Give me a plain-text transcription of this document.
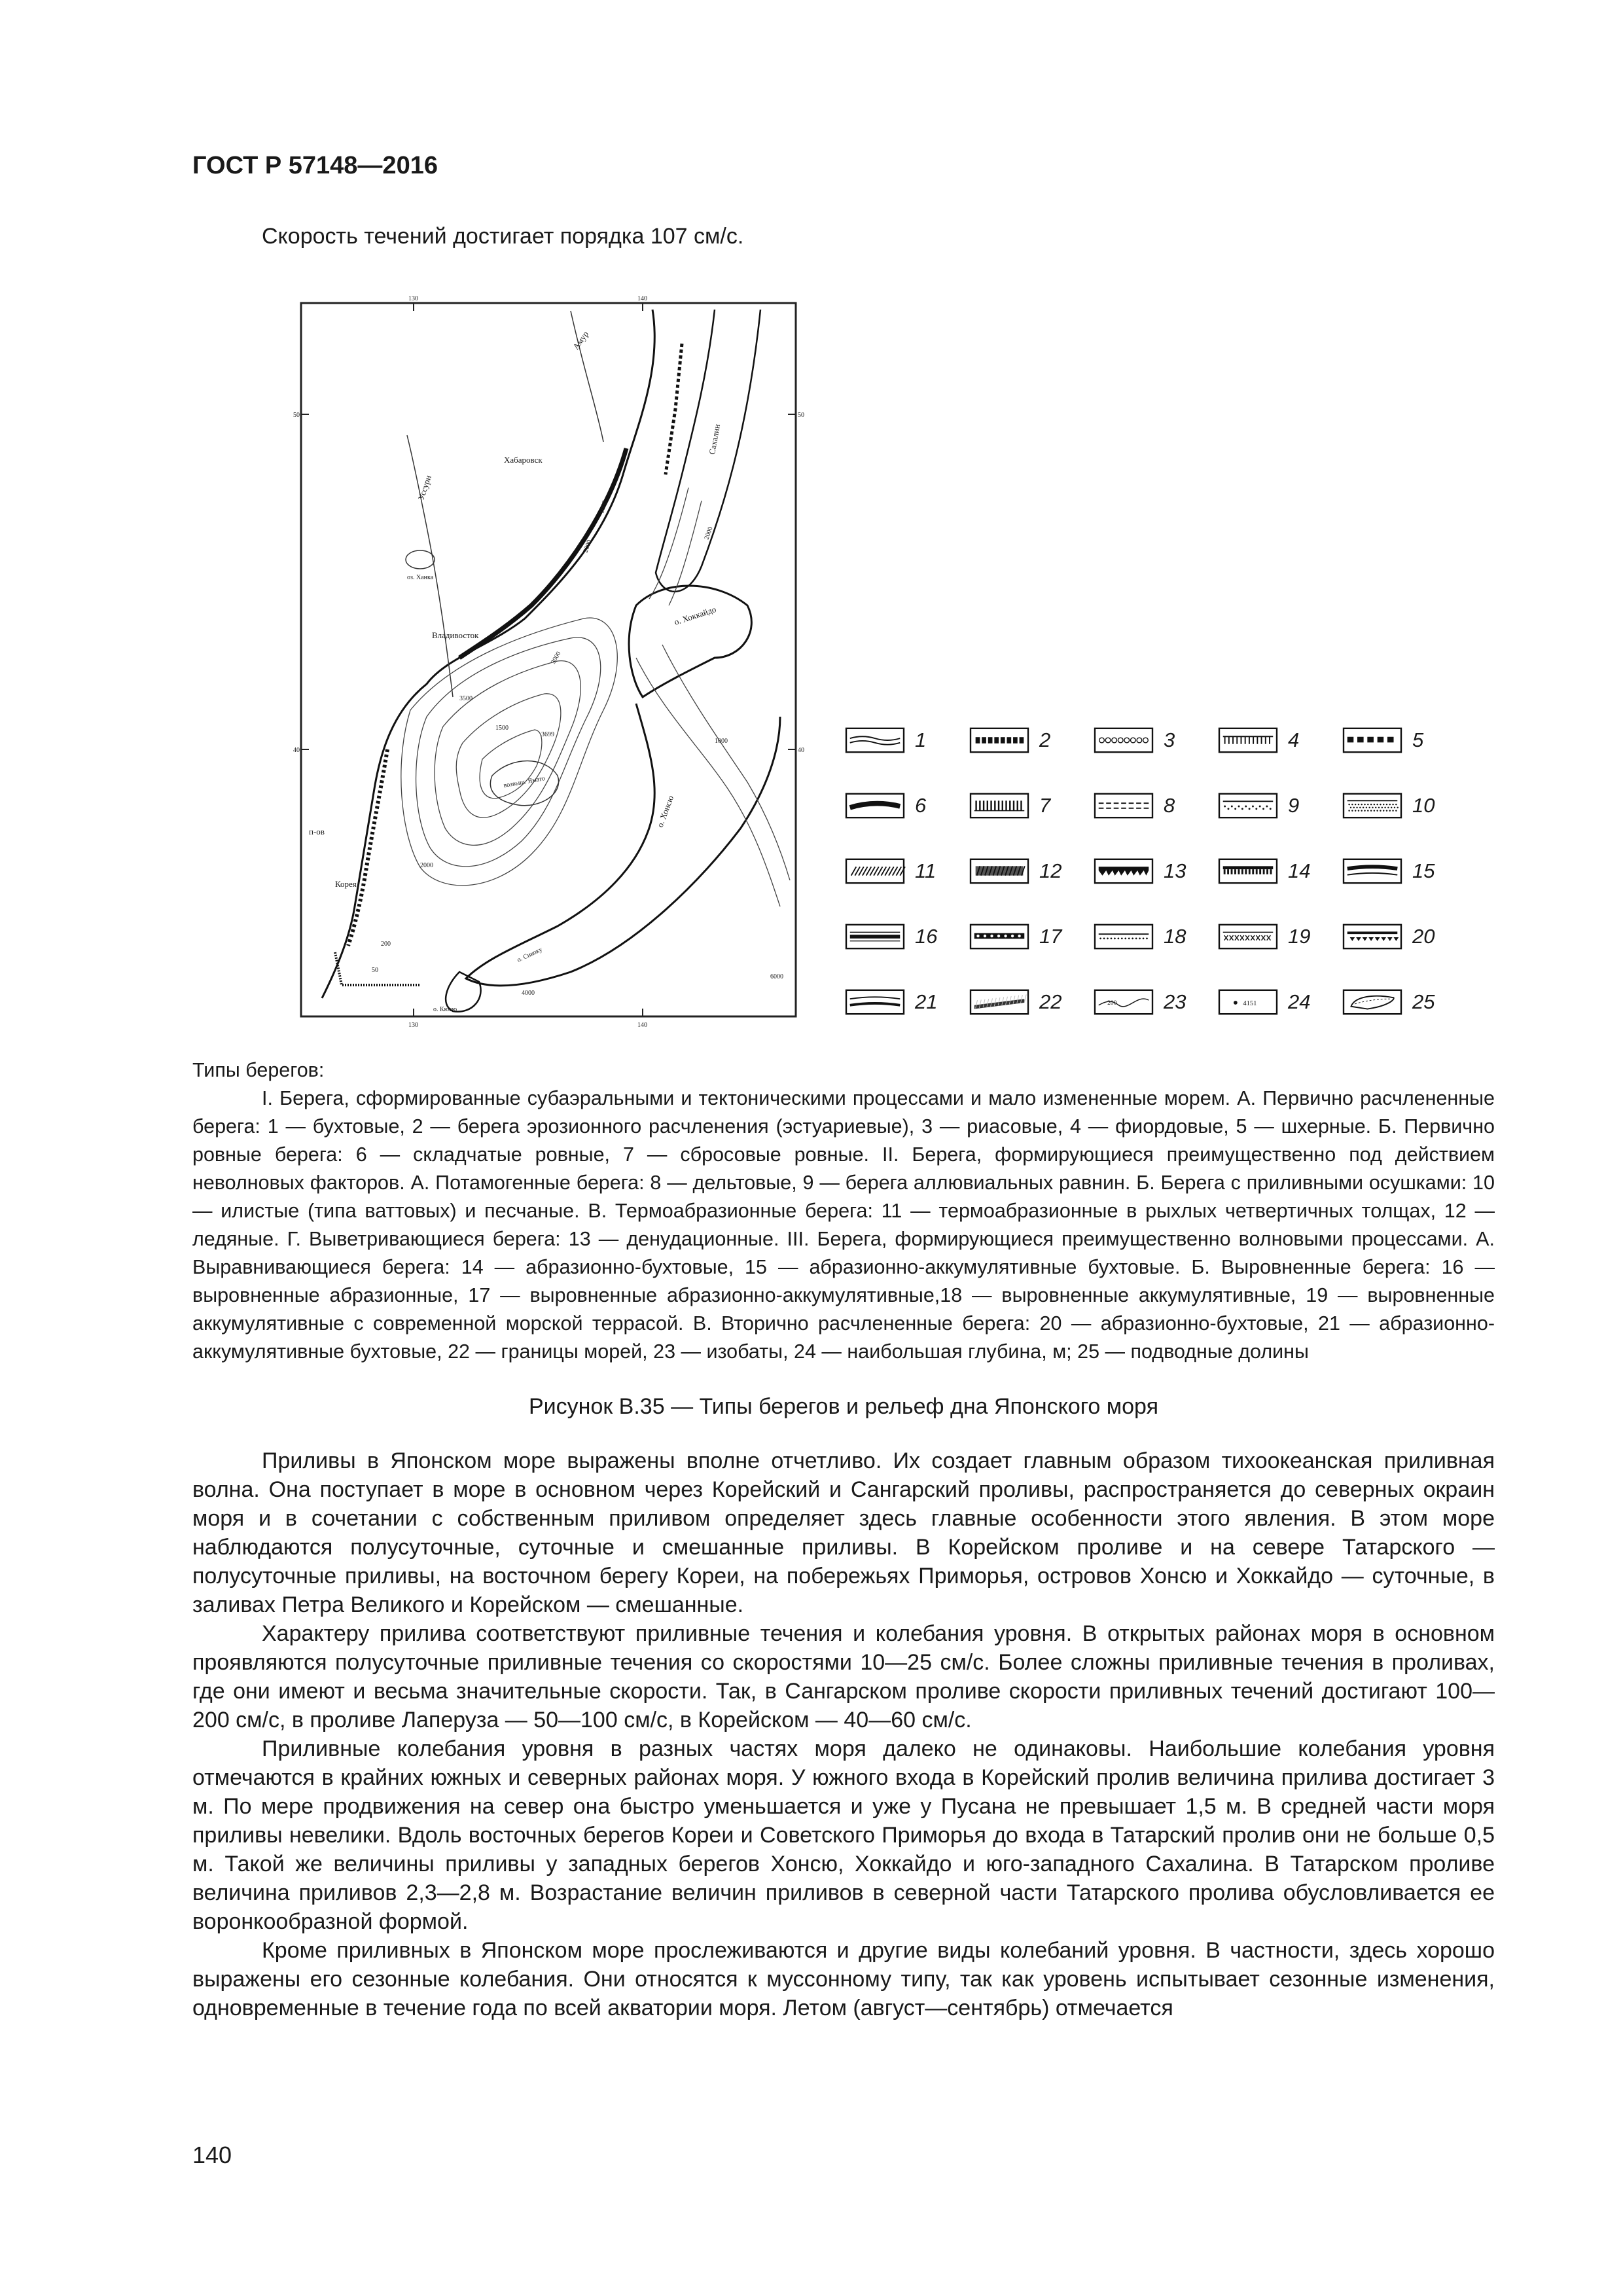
ГОСТ Р 57148—2016
Скорость течений достигает порядка 107 см/с.
130	140
130	140
50	50
40	40
Амур
Хабаровск
Уссури
оз. Ханка
Владивосток
о. Хоккайдо
возвыш. Ямато
о. Хонсю
п-ов
Корея
о. Кюсю
о. Сикоку
Сахалин
1000
2000
3000
3500
3699
1500
2000
2000
200
50
4000
6000
1000	1	2	3	4	5
6	7	8	9	10
11	12	13	14	15
16	17	18	19	20
21	22	200 23	4151 24	25

Типы берегов:

I. Берега, сформированные субаэральными и тектоническими процессами и мало измененные морем. А. Первично расчлененные берега: 1 — бухтовые, 2 — берега эрозионного расчленения (эстуариевые), 3 — риасовые, 4 — фиордовые, 5 — шхерные. Б. Первично ровные берега: 6 — складчатые ровные, 7 — сбросовые ровные. II. Берега, формирующиеся преимущественно под действием неволновых факторов. А. Потамогенные берега: 8 — дельтовые, 9 — берега аллювиальных равнин. Б. Берега с приливными осушками: 10 — илистые (типа ваттовых) и песчаные. В. Термоабразионные берега: 11 — термоабразионные в рыхлых четвертичных толщах, 12 — ледяные. Г. Выветривающиеся берега: 13 — денудационные. III. Берега, формирующиеся преимущественно волновыми процессами. А. Выравнивающиеся берега: 14 — абразионно-бухтовые, 15 — абразионно-аккумулятивные бухтовые. Б. Выровненные берега: 16 — выровненные абразионные, 17 — выровненные абразионно-аккумулятивные,18 — выровненные аккумулятивные, 19 — выровненные аккумулятивные с современной морской террасой. В. Вторично расчлененные берега: 20 — абразионно-бухтовые, 21 — абразионно-аккумулятивные бухтовые, 22 — границы морей, 23 — изобаты, 24 — наибольшая глубина, м; 25 — подводные долины

Рисунок В.35 — Типы берегов и рельеф дна Японского моря

Приливы в Японском море выражены вполне отчетливо. Их создает главным образом тихоокеанская приливная волна. Она поступает в море в основном через Корейский и Сангарский проливы, распространяется до северных окраин моря и в сочетании с собственным приливом определяет здесь главные особенности этого явления. В этом море наблюдаются полусуточные, суточные и смешанные приливы. В Корейском проливе и на севере Татарского — полусуточные приливы, на восточном берегу Кореи, на побережьях Приморья, островов Хонсю и Хоккайдо — суточные, в заливах Петра Великого и Корейском — смешанные.

Характеру прилива соответствуют приливные течения и колебания уровня. В открытых районах моря в основном проявляются полусуточные приливные течения со скоростями 10—25 см/с. Более сложны приливные течения в проливах, где они имеют и весьма значительные скорости. Так, в Сангарском проливе скорости приливных течений достигают 100—200 см/с, в проливе Лаперуза — 50—100 см/с, в Корейском — 40—60 см/с.

Приливные колебания уровня в разных частях моря далеко не одинаковы. Наибольшие колебания уровня отмечаются в крайних южных и северных районах моря. У южного входа в Корейский пролив величина прилива достигает 3 м. По мере продвижения на север она быстро уменьшается и уже у Пусана не превышает 1,5 м. В средней части моря приливы невелики. Вдоль восточных берегов Кореи и Советского Приморья до входа в Татарский пролив они не больше 0,5 м. Такой же величины приливы у западных берегов Хонсю, Хоккайдо и юго-западного Сахалина. В Татарском проливе величина приливов 2,3—2,8 м. Возрастание величин приливов в северной части Татарского пролива обусловливается ее воронкообразной формой.

Кроме приливных в Японском море прослеживаются и другие виды колебаний уровня. В частности, здесь хорошо выражены его сезонные колебания. Они относятся к муссонному типу, так как уровень испытывает сезонные изменения, одновременные в течение года по всей акватории моря. Летом (август—сентябрь) отмечается

140
